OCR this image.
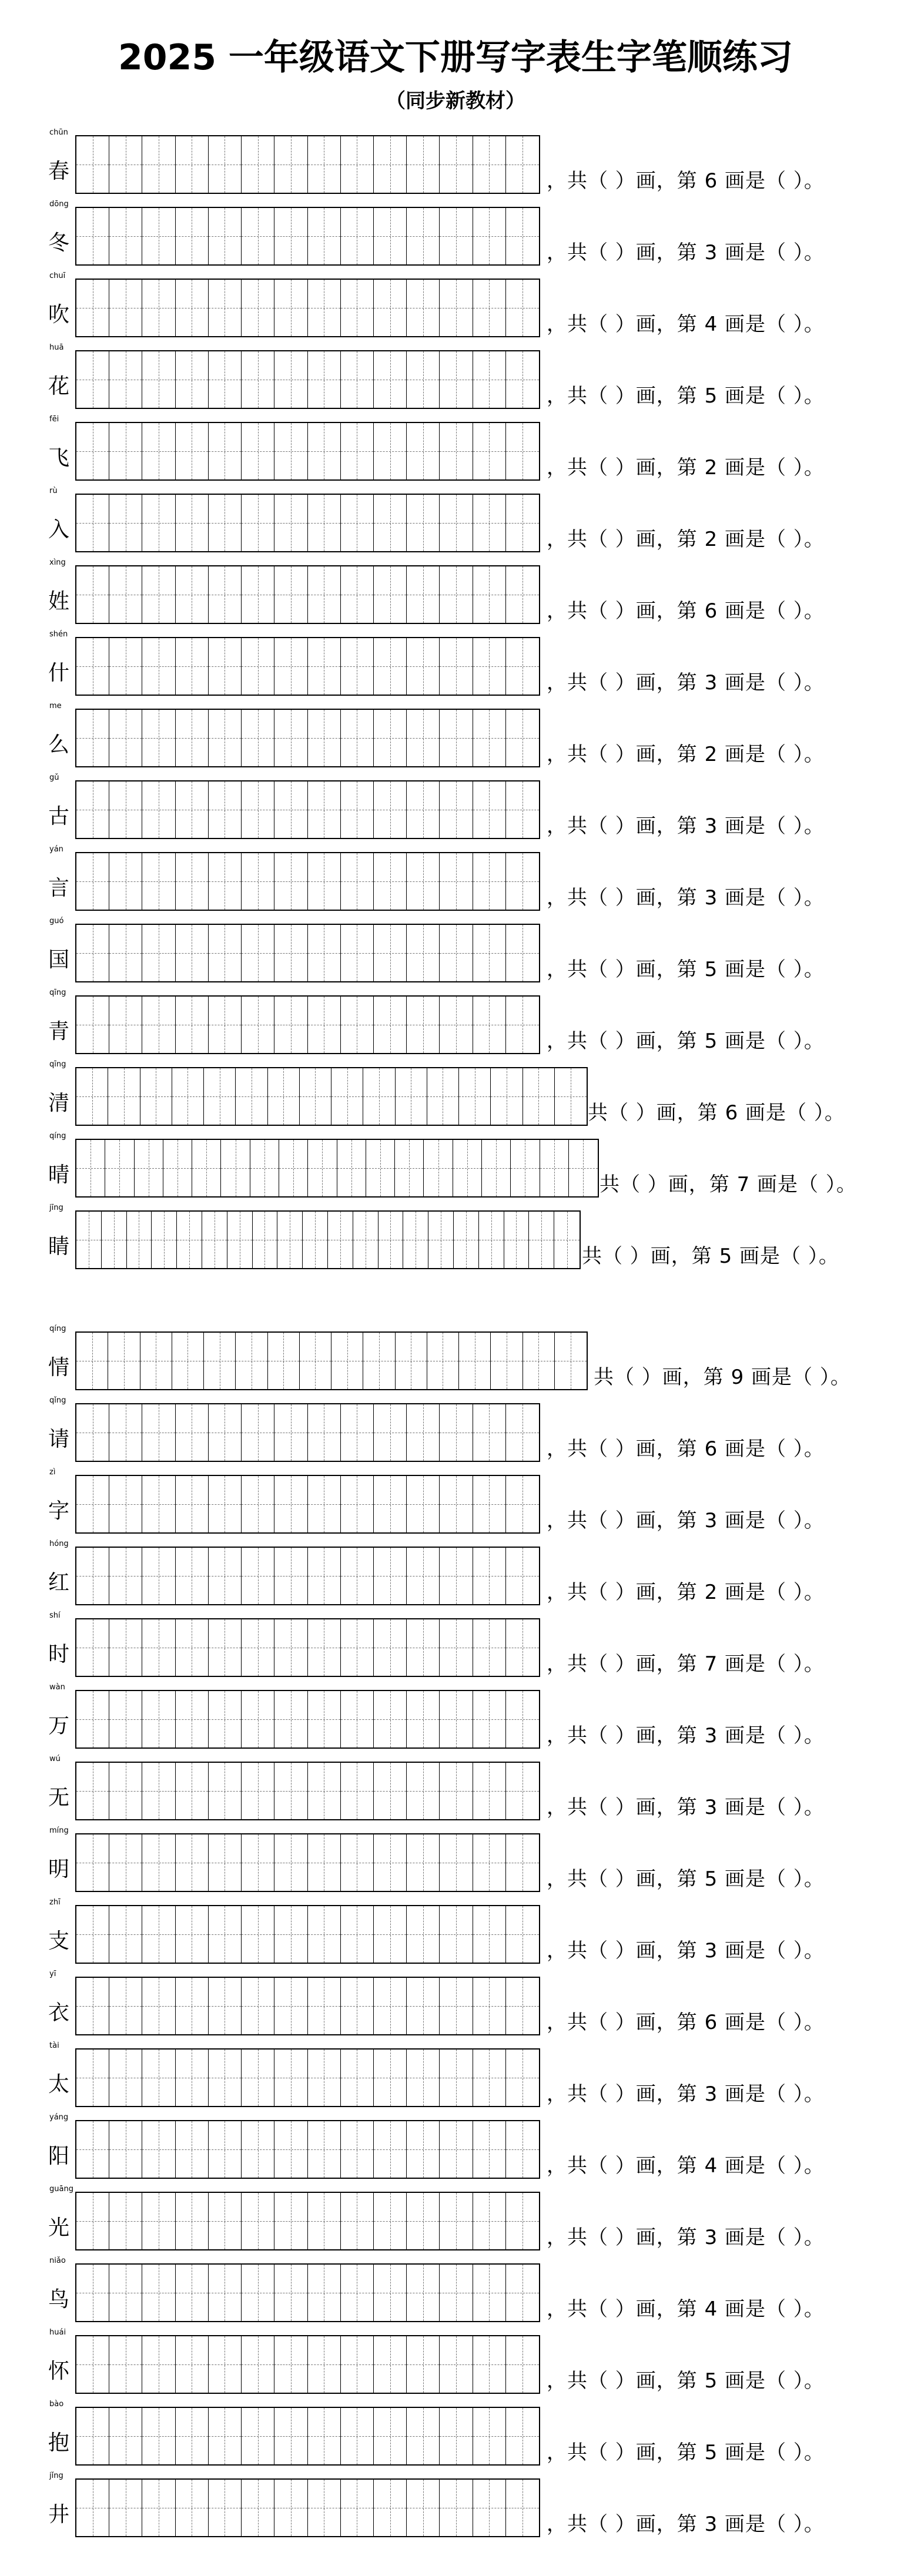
2025 一年级语文下册写字表生字笔顺练习
（同步新教材）
chūn
春	，共（ ）画，第 6 画是（ ）。
dōng
冬	，共（ ）画，第 3 画是（ ）。
chuī
吹	，共（ ）画，第 4 画是（ ）。
huā
花	，共（ ）画，第 5 画是（ ）。
fēi
飞	，共（ ）画，第 2 画是（ ）。
rù
入	，共（ ）画，第 2 画是（ ）。
xìng
姓	，共（ ）画，第 6 画是（ ）。
shén
什	，共（ ）画，第 3 画是（ ）。
me
么	，共（ ）画，第 2 画是（ ）。
gǔ
古	，共（ ）画，第 3 画是（ ）。
yán
言	，共（ ）画，第 3 画是（ ）。
guó
国	，共（ ）画，第 5 画是（ ）。
qīng
青	，共（ ）画，第 5 画是（ ）。
qīng
清	共（ ）画，第 6 画是（ ）。
qíng
晴	共（ ）画，第 7 画是（ ）。
jīng
睛	共（ ）画，第 5 画是（ ）。
qíng
情	共（ ）画，第 9 画是（ ）。
qǐng
请	，共（ ）画，第 6 画是（ ）。
zì
字	，共（ ）画，第 3 画是（ ）。
hóng
红	，共（ ）画，第 2 画是（ ）。
shí
时	，共（ ）画，第 7 画是（ ）。
wàn
万	，共（ ）画，第 3 画是（ ）。
wú
无	，共（ ）画，第 3 画是（ ）。
míng
明	，共（ ）画，第 5 画是（ ）。
zhī
支	，共（ ）画，第 3 画是（ ）。
yī
衣	，共（ ）画，第 6 画是（ ）。
tài
太	，共（ ）画，第 3 画是（ ）。
yáng
阳	，共（ ）画，第 4 画是（ ）。
guāng
光	，共（ ）画，第 3 画是（ ）。
niǎo
鸟	，共（ ）画，第 4 画是（ ）。
huái
怀	，共（ ）画，第 5 画是（ ）。
bào
抱	，共（ ）画，第 5 画是（ ）。
jǐng
井	，共（ ）画，第 3 画是（ ）。
